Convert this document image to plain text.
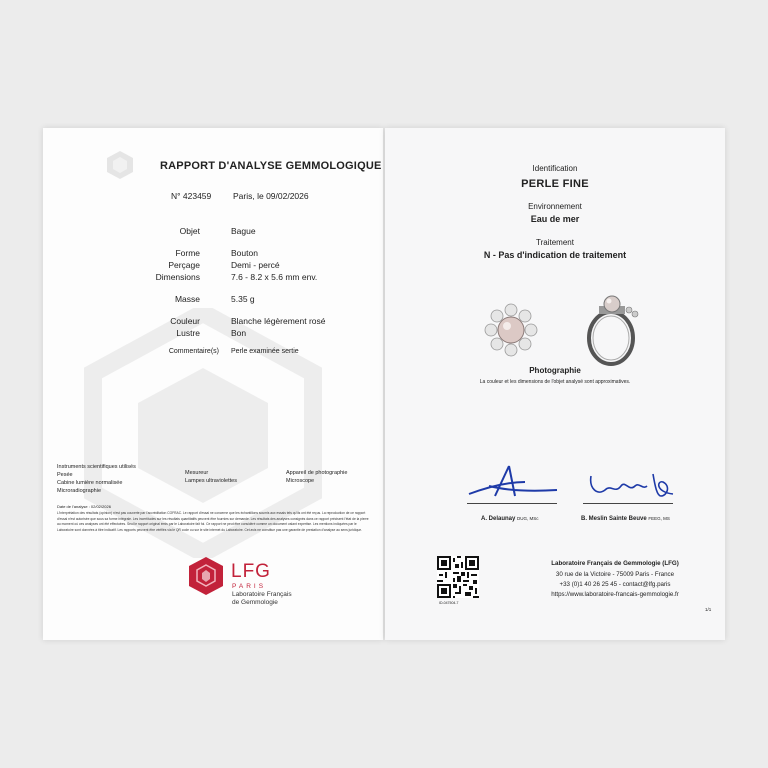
RAPPORT D'ANALYSE GEMMOLOGIQUE
N° 423459	Paris, le 09/02/2026
Objet	Bague
Forme	Bouton
Perçage	Demi - percé
Dimensions	7.6 - 8.2 x 5.6 mm env.
Masse	5.35 g
Couleur	Blanche légèrement rosé
Lustre	Bon
Commentaire(s) Perle examinée sertie
Instruments scientifiques utilisés
Pesée	Mesureur	Appareil de photographie
Cabine lumière normalisée	Lampes ultraviolettes	Microscope
Microradiographie
Date de l'analyse : 02/02/2026
L'interprétation des résultats (opinion) n'est pas couverte par l'accréditation COFRAC. Le rapport d'essai ne concerne que les échantillons soumis aux essais tels qu'ils ont été reçus. La reproduction de ce rapport d'essai n'est autorisée que sous sa forme intégrale. Les incertitudes sur les résultats quantitatifs peuvent être fournies sur demande. Les résultats des analyses consignés dans ce rapport précisent l'état de la pierre au moment où ces analyses ont été effectuées. Seul le rapport original émis par le Laboratoire fait foi. Ce rapport ne peut être considéré comme un document valant expertise. Les mentions indiquées par le Laboratoire sont données à titre indicatif. Les rapports peuvent être vérifiés via le QR code ou sur le site internet du Laboratoire. Cet avis ne constitue pas une garantie de prestation d'analyse au sens juridique.
LFG
PARIS
Laboratoire Français
de Gemmologie
Identification
PERLE FINE
Environnement
Eau de mer
Traitement
N - Pas d'indication de traitement
Photographie
La couleur et les dimensions de l'objet analysé sont approximatives.
A. Delaunay DUG, MSc	B. Meslin Sainte Beuve FEEG, MS
ID-047504-7
Laboratoire Français de Gemmologie (LFG)
30 rue de la Victoire - 75009 Paris - France
+33 (0)1 40 26 25 45 - contact@lfg.paris
https://www.laboratoire-francais-gemmologie.fr
1/1
